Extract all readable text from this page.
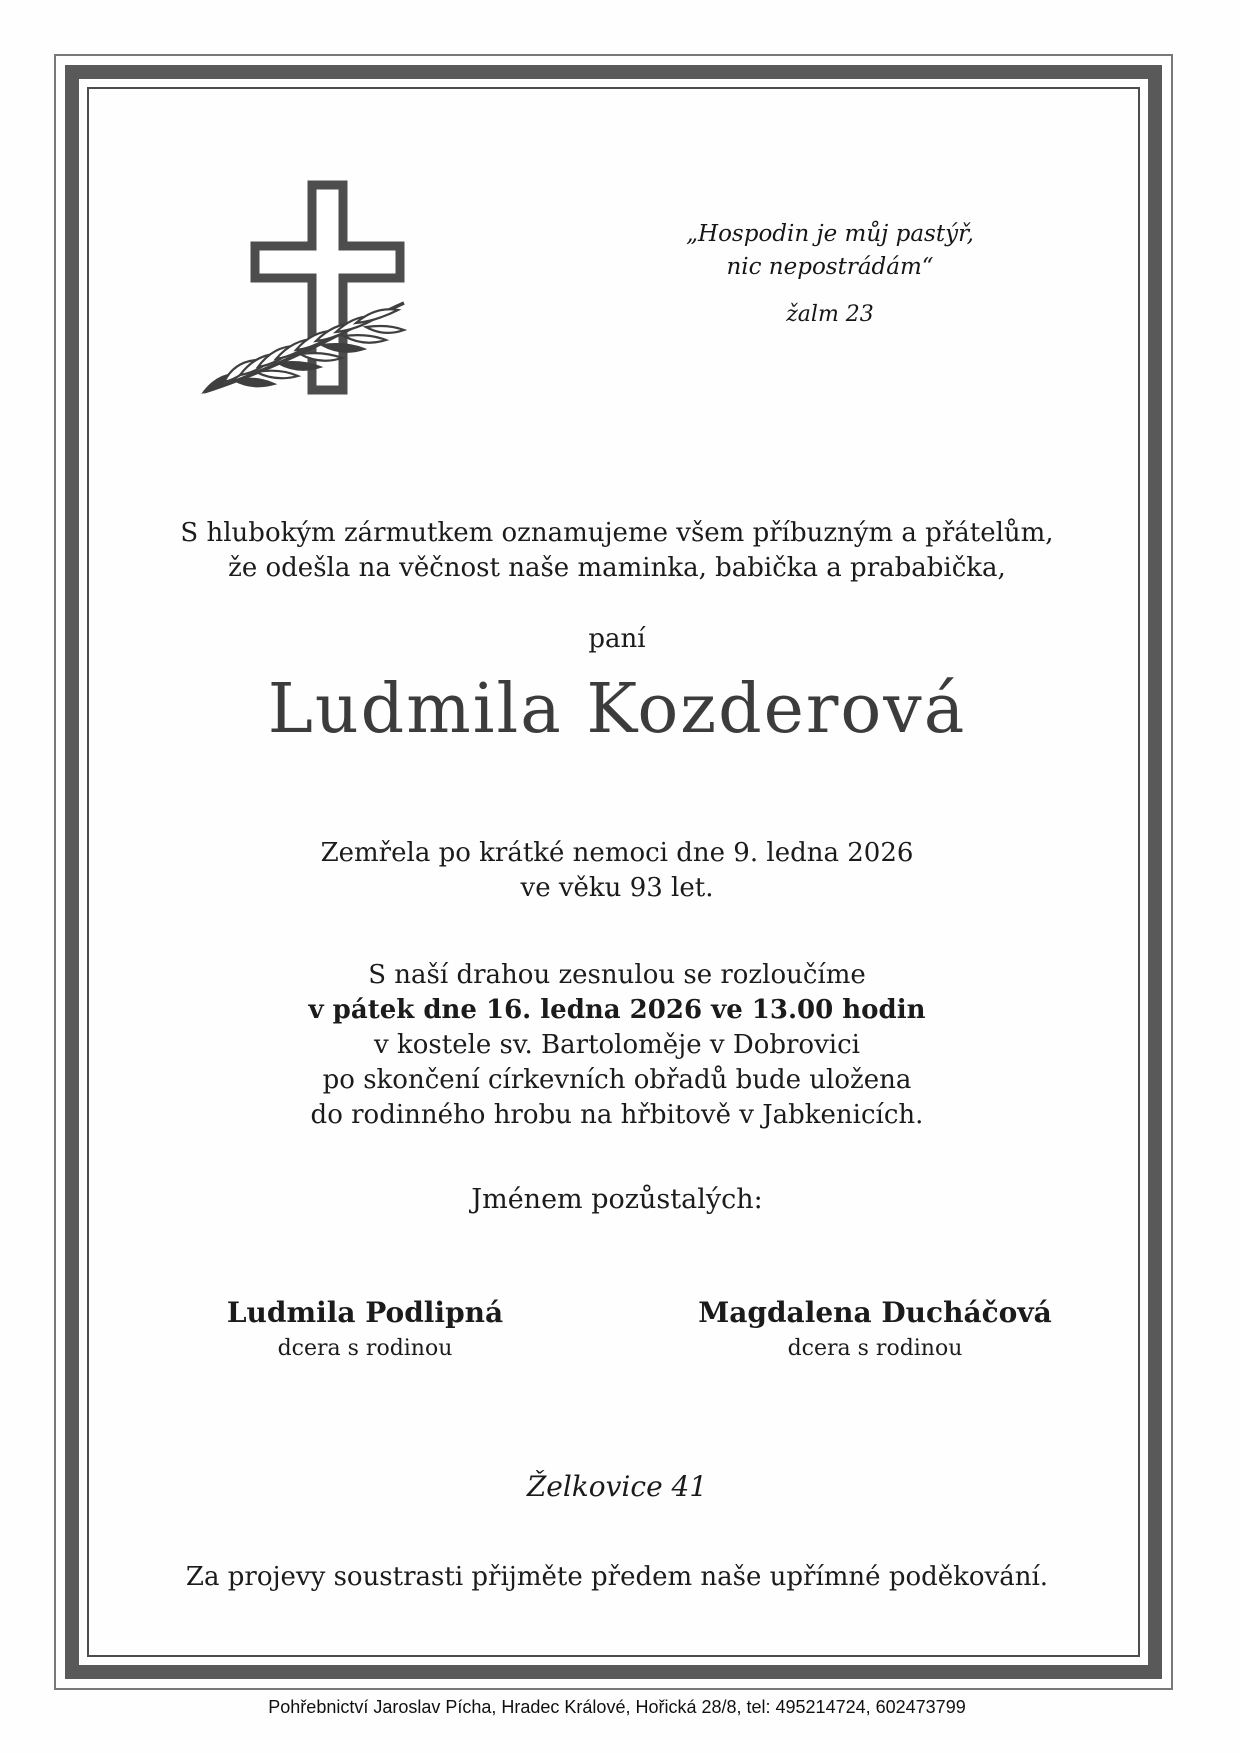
„Hospodin je můj pastýř,
nic nepostrádám“
žalm 23
S hlubokým zármutkem oznamujeme všem příbuzným a přátelům,
že odešla na věčnost naše maminka, babička a prababička,
paní
Ludmila Kozderová
Zemřela po krátké nemoci dne 9. ledna 2026
ve věku 93 let.
S naší drahou zesnulou se rozloučíme
v pátek dne 16. ledna 2026 ve 13.00 hodin
v kostele sv. Bartoloměje v Dobrovici
po skončení církevních obřadů bude uložena
do rodinného hrobu na hřbitově v Jabkenicích.
Jménem pozůstalých:
Ludmila Podlipná
dcera s rodinou
Magdalena Ducháčová
dcera s rodinou
Želkovice 41
Za projevy soustrasti přijměte předem naše upřímné poděkování.
Pohřebnictví Jaroslav Pícha, Hradec Králové, Hořická 28/8, tel: 495214724, 602473799
